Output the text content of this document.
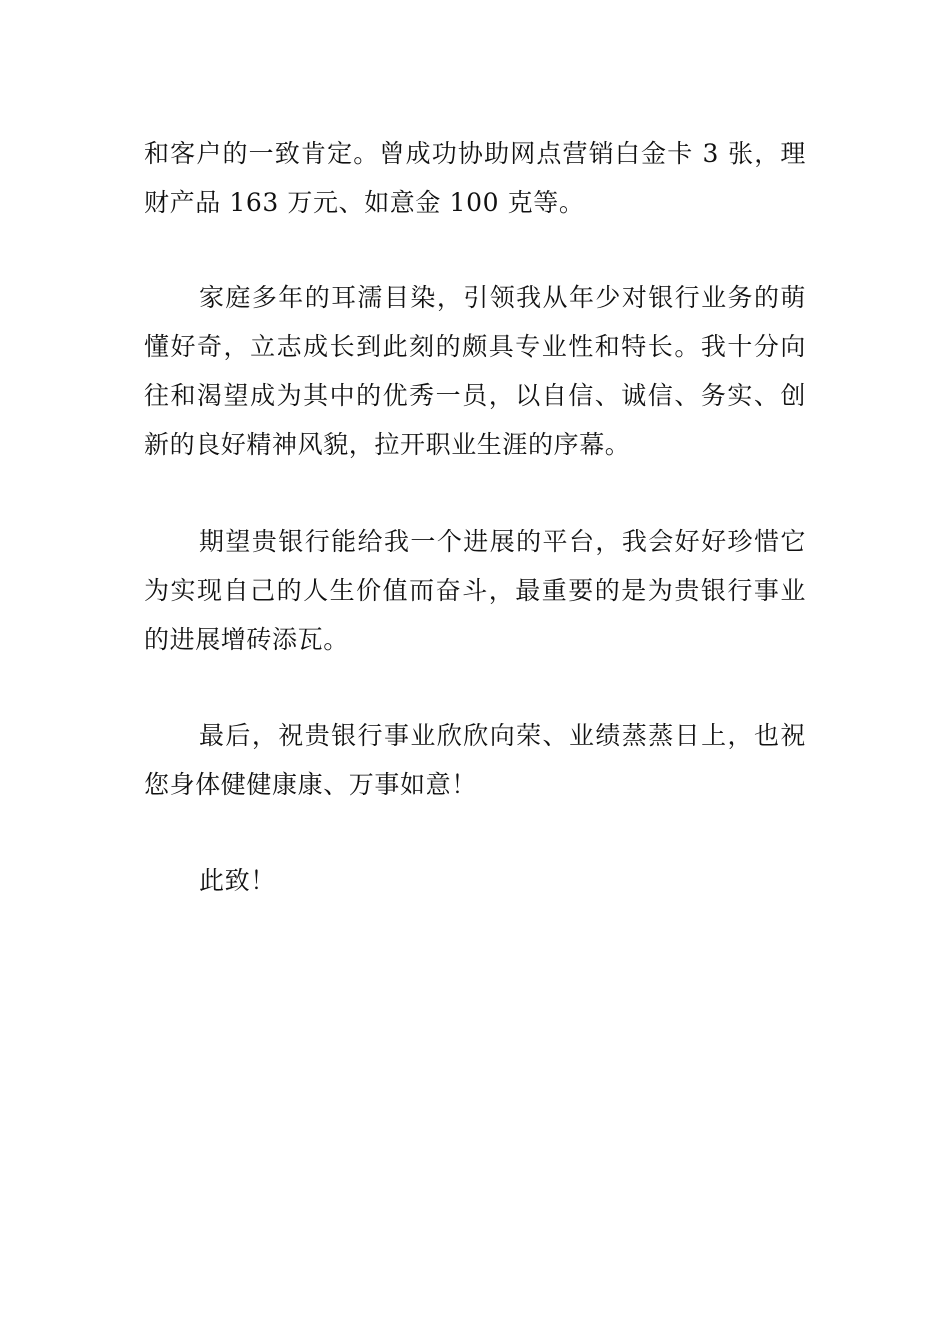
和客户的一致肯定。曾成功协助网点营销白金卡 3 张，理财产品 163 万元、如意金 100 克等。

家庭多年的耳濡目染，引领我从年少对银行业务的萌懂好奇，立志成长到此刻的颇具专业性和特长。我十分向往和渴望成为其中的优秀一员，以自信、诚信、务实、创新的良好精神风貌，拉开职业生涯的序幕。

期望贵银行能给我一个进展的平台，我会好好珍惜它为实现自己的人生价值而奋斗，最重要的是为贵银行事业的进展增砖添瓦。

最后，祝贵银行事业欣欣向荣、业绩蒸蒸日上，也祝您身体健健康康、万事如意！

此致！
